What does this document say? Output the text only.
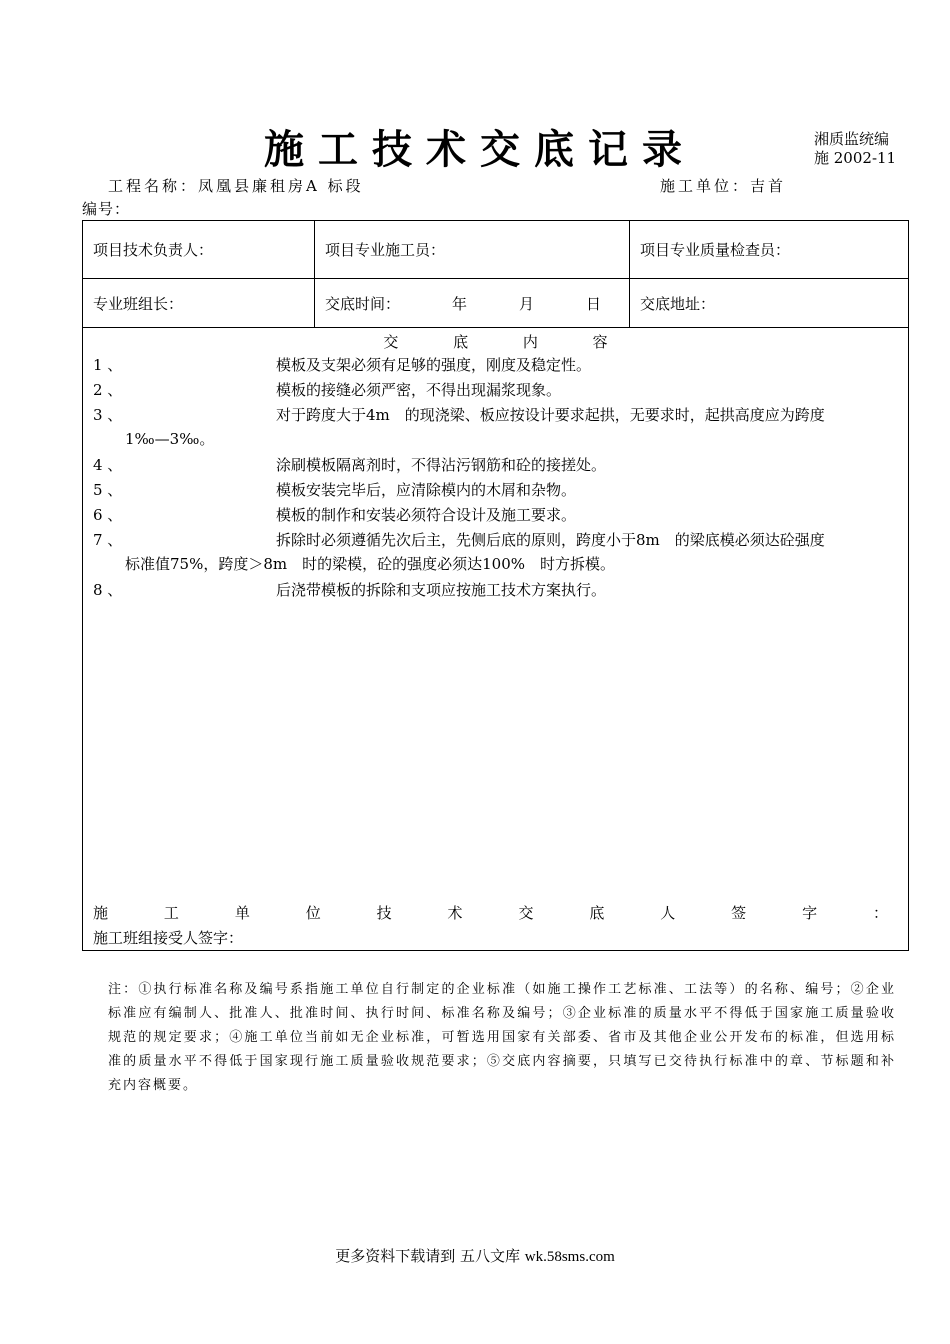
施工技术交底记录	湘质监统编
施 2002-11
工程名称：凤凰县廉租房A 标段	施工单位：吉首
编号：
项目技术负责人：	项目专业施工员：	项目专业质量检查员：
专业班组长：	交底时间：	年	月	日	交底地址：
交 底 内 容
1 、	模板及支架必须有足够的强度，刚度及稳定性。
2 、	模板的接缝必须严密，不得出现漏浆现象。
3 、	对于跨度大于4m　的现浇梁、板应按设计要求起拱，无要求时，起拱高度应为跨度
1‰—3‰。
4 、	涂刷模板隔离剂时，不得沾污钢筋和砼的接搓处。
5 、	模板安装完毕后，应清除模内的木屑和杂物。
6 、	模板的制作和安装必须符合设计及施工要求。
7 、	拆除时必须遵循先次后主，先侧后底的原则，跨度小于8m　的梁底模必须达砼强度
标准值75%，跨度＞8m　时的梁模，砼的强度必须达100%　时方拆模。
8 、	后浇带模板的拆除和支项应按施工技术方案执行。
施	工	单	位	技	术	交	底	人	签	字	：
施工班组接受人签字：
注：①执行标准名称及编号系指施工单位自行制定的企业标准（如施工操作工艺标准、工法等）的名称、编号；②企业标准应有编制人、批准人、批准时间、执行时间、标准名称及编号；③企业标准的质量水平不得低于国家施工质量验收规范的规定要求；④施工单位当前如无企业标准，可暂选用国家有关部委、省市及其他企业公开发布的标准，但选用标准的质量水平不得低于国家现行施工质量验收规范要求；⑤交底内容摘要，只填写已交待执行标准中的章、节标题和补充内容概要。
更多资料下载请到 五八文库 wk.58sms.com
